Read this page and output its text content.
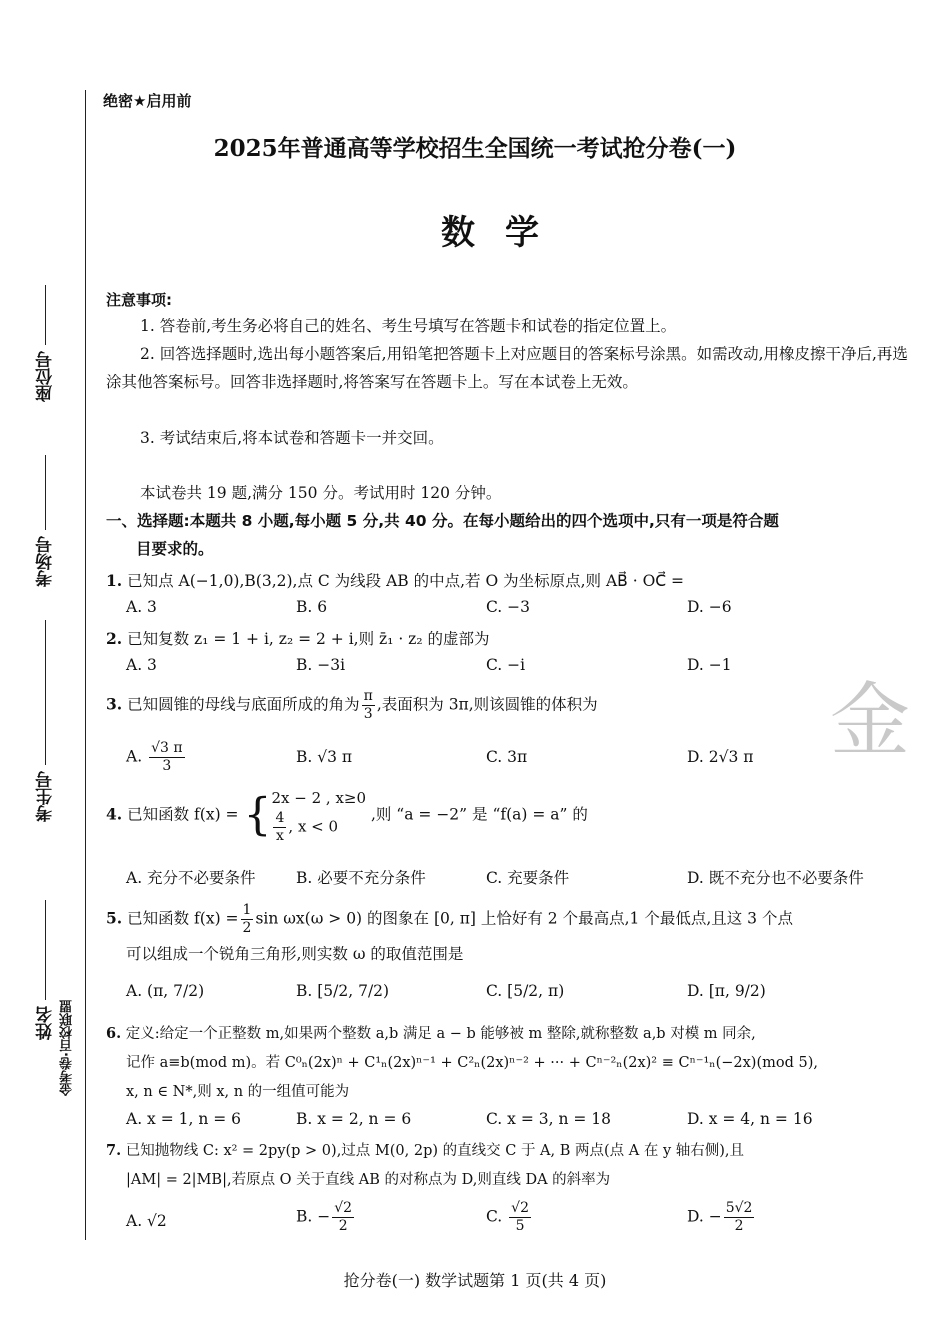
座位号
考场号
考生号
姓名 金考卷·百校联盟
绝密★启用前
2025年普通高等学校招生全国统一考试抢分卷(一)
数学
注意事项:
1. 答卷前,考生务必将自己的姓名、考生号填写在答题卡和试卷的指定位置上。
2. 回答选择题时,选出每小题答案后,用铅笔把答题卡上对应题目的答案标号涂黑。如需改动,用橡皮擦干净后,再选涂其他答案标号。回答非选择题时,将答案写在答题卡上。写在本试卷上无效。
3. 考试结束后,将本试卷和答题卡一并交回。
本试卷共 19 题,满分 150 分。考试用时 120 分钟。
一、选择题:本题共 8 小题,每小题 5 分,共 40 分。在每小题给出的四个选项中,只有一项是符合题
目要求的。
1. 已知点 A(−1,0),B(3,2),点 C 为线段 AB 的中点,若 O 为坐标原点,则 AB⃗ · OC⃗ =
A. 3	B. 6	C. −3	D. −6
2. 已知复数 z₁ = 1 + i, z₂ = 2 + i,则 z̄₁ · z₂ 的虚部为
A. 3	B. −3i	C. −i	D. −1
3. 已知圆锥的母线与底面所成的角为 $\frac{\pi}{3}$ ,表面积为 3π,则该圆锥的体积为
A. $\frac{√3 \pi}{3}$	B. √3 π	C. 3π	D. 2√3 π
4. 已知函数 f(x) = { 2x − 2 , x≥0
$\frac{4}{x}$ , x < 0
,则 “a = −2” 是 “f(a) = a” 的
A. 充分不必要条件	B. 必要不充分条件	C. 充要条件	D. 既不充分也不必要条件
5. 已知函数 $f(x) = \frac{1}{2}$ sin ωx(ω > 0) 的图象在 [0, π] 上恰好有 2 个最高点,1 个最低点,且这 3 个点
可以组成一个锐角三角形,则实数 ω 的取值范围是
A. (π, 7/2)	B. [5/2, 7/2)	C. [5/2, π)	D. [π, 9/2)
6. 定义:给定一个正整数 m,如果两个整数 a,b 满足 a − b 能够被 m 整除,就称整数 a,b 对模 m 同余,
记作 a≡b(mod m)。若 C⁰ₙ(2x)ⁿ + C¹ₙ(2x)ⁿ⁻¹ + C²ₙ(2x)ⁿ⁻² + ··· + Cⁿ⁻²ₙ(2x)² ≡ Cⁿ⁻¹ₙ(−2x)(mod 5),
x, n ∈ N*,则 x, n 的一组值可能为
A. x = 1, n = 6	B. x = 2, n = 6	C. x = 3, n = 18	D. x = 4, n = 16
7. 已知抛物线 C: x² = 2py(p > 0),过点 M(0, 2p) 的直线交 C 于 A, B 两点(点 A 在 y 轴右侧),且
|AM| = 2|MB|,若原点 O 关于直线 AB 的对称点为 D,则直线 DA 的斜率为
A. √2	B. − $\frac{√2}{2}$	C. $\frac{√2}{5}$	D. − $\frac{5√2}{2}$
金
抢分卷(一) 数学试题第 1 页(共 4 页)
